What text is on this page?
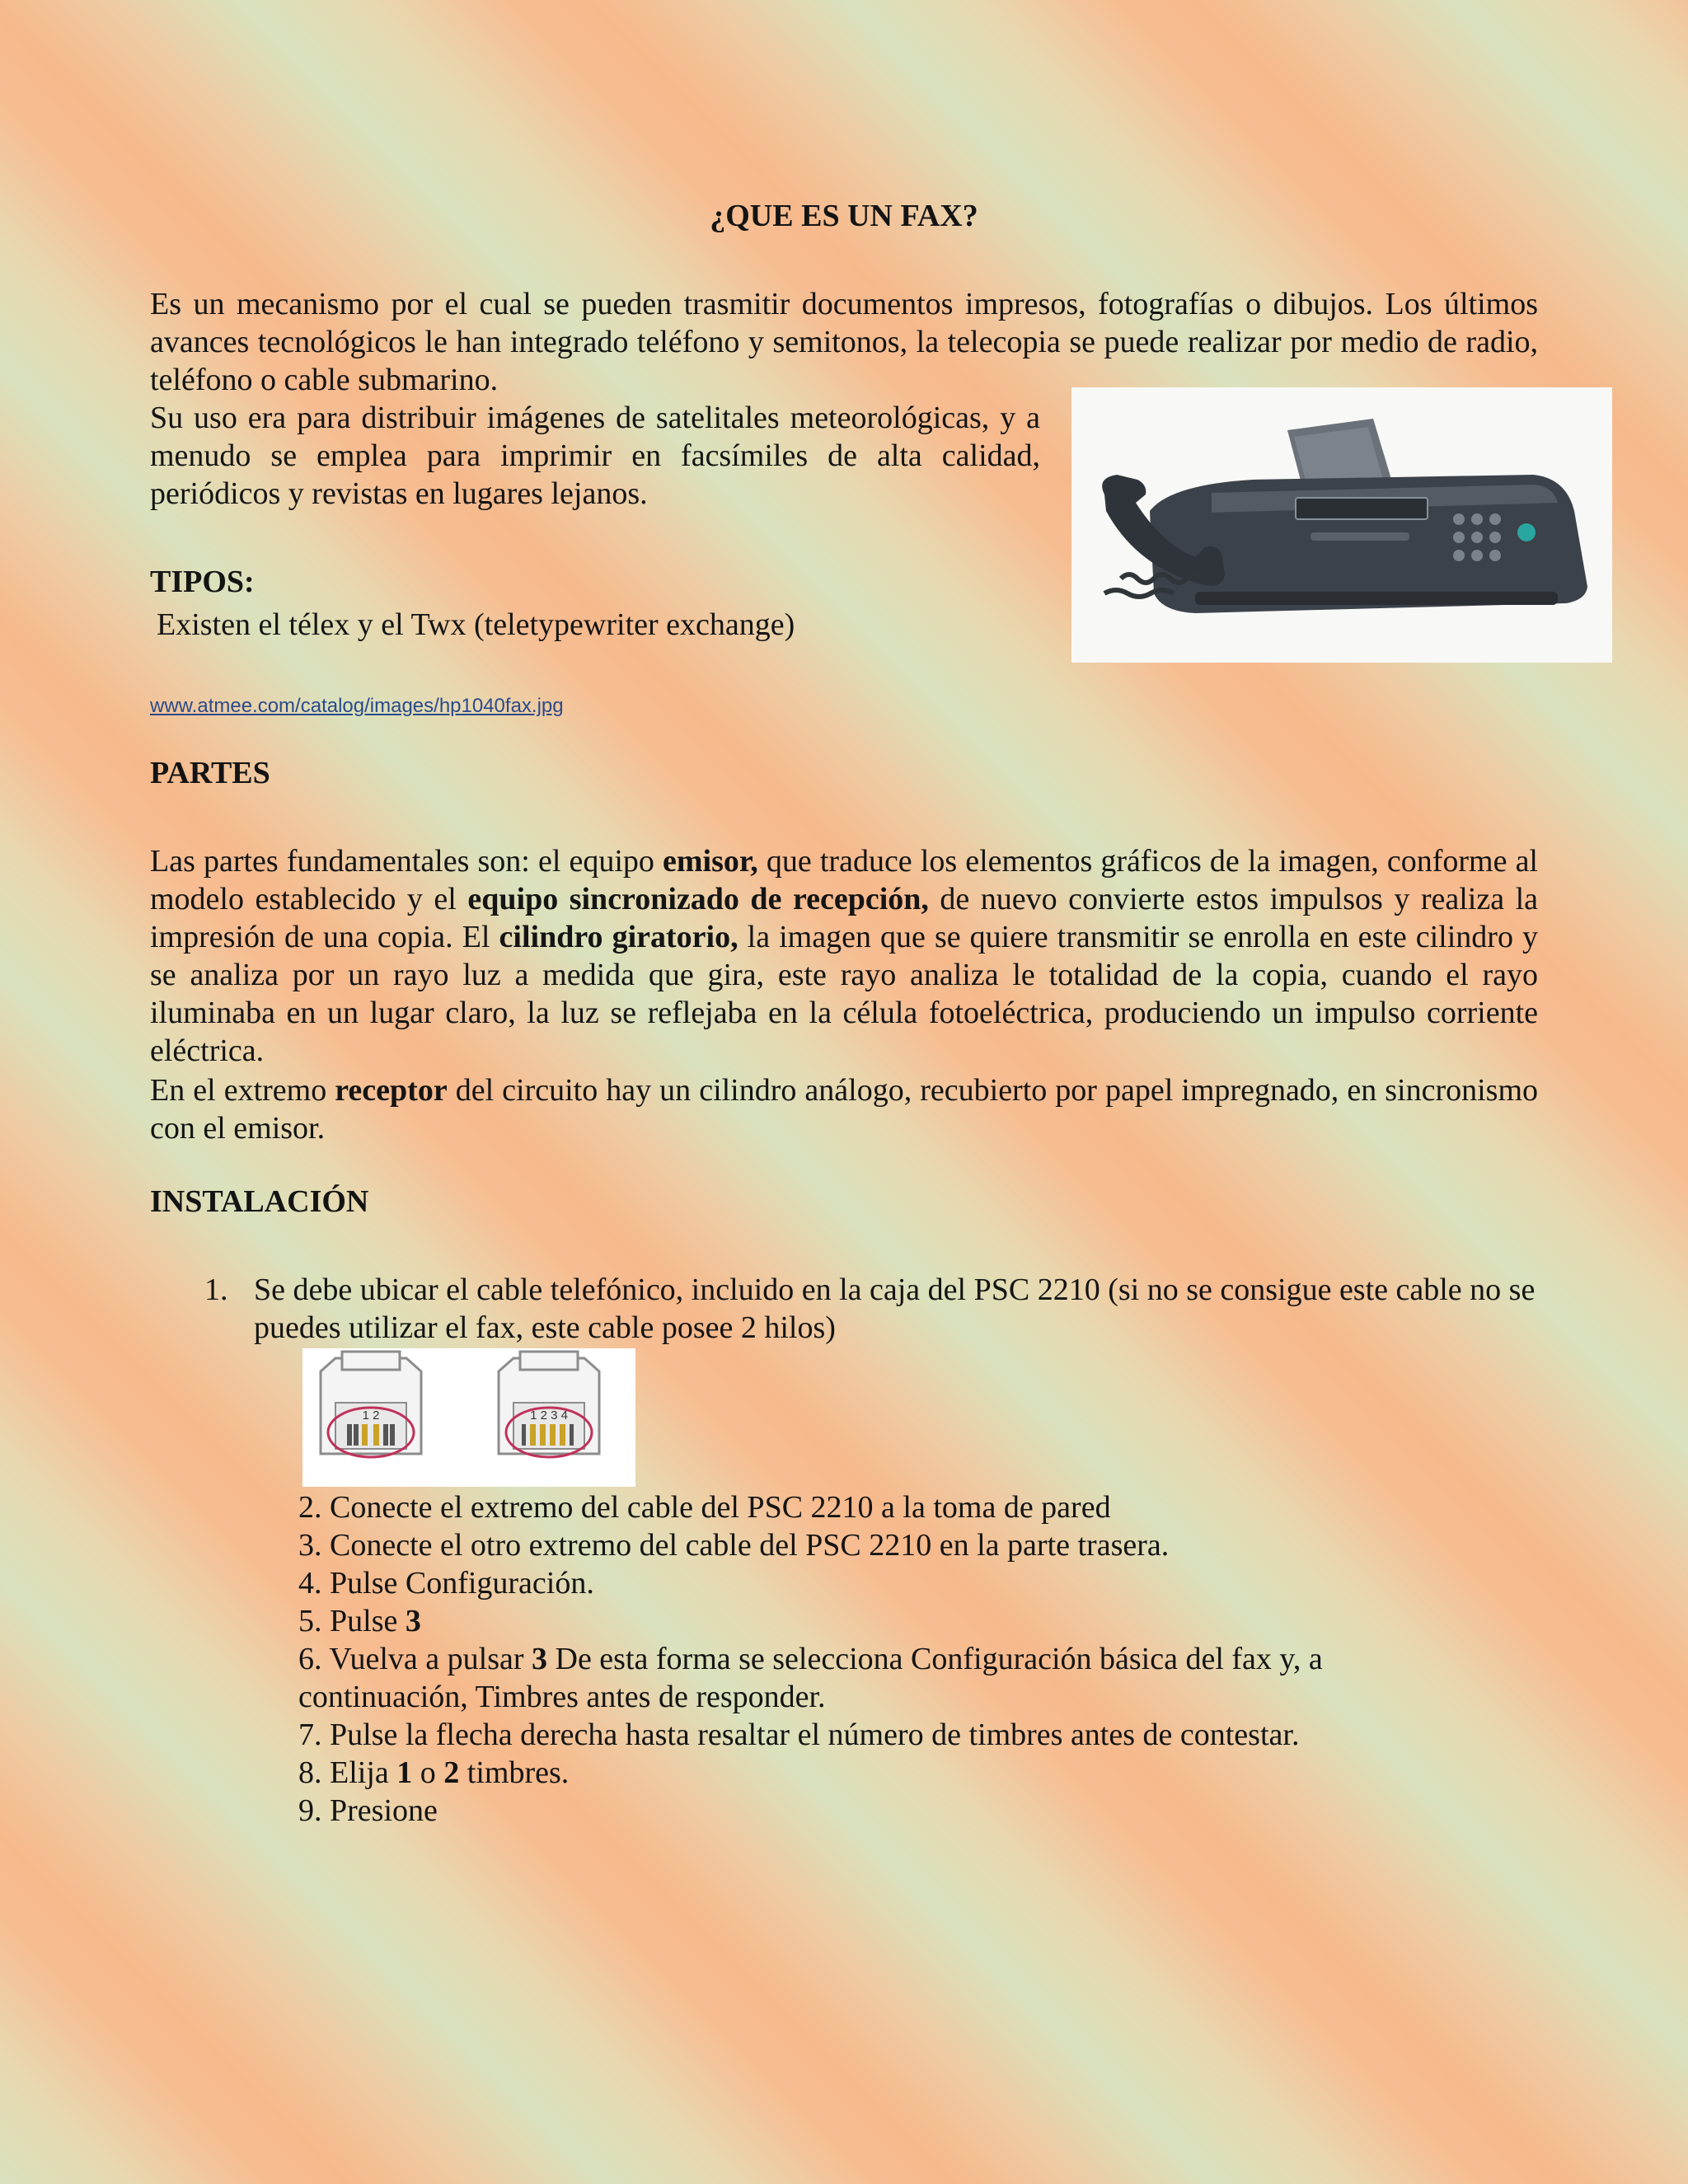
¿QUE ES UN FAX?

Es un mecanismo por el cual se pueden trasmitir documentos impresos, fotografías o dibujos. Los últimos avances tecnológicos le han integrado teléfono y semitonos, la telecopia se puede realizar por medio de radio, teléfono o cable submarino.

Su uso era para distribuir imágenes de satelitales meteorológicas, y a menudo se emplea para imprimir en facsímiles de alta calidad, periódicos y revistas en lugares lejanos.

TIPOS:
Existen el télex y el Twx (teletypewriter exchange)
www.atmee.com/catalog/images/hp1040fax.jpg
PARTES

Las partes fundamentales son: el equipo emisor, que traduce los elementos gráficos de la imagen, conforme al modelo establecido y el equipo sincronizado de recepción, de nuevo convierte estos impulsos y realiza la impresión de una copia. El cilindro giratorio, la imagen que se quiere transmitir se enrolla en este cilindro y se analiza por un rayo luz a medida que gira, este rayo analiza le totalidad de la copia, cuando el rayo iluminaba en un lugar claro, la luz se reflejaba en la célula fotoeléctrica, produciendo un impulso corriente eléctrica.

En el extremo receptor del circuito hay un cilindro análogo, recubierto por papel impregnado, en sincronismo con el emisor.

INSTALACIÓN
1. Se debe ubicar el cable telefónico, incluido en la caja del PSC 2210 (si no se consigue este cable no se puedes utilizar el fax, este cable posee 2 hilos)
1 2	1 2 3 4
2. Conecte el extremo del cable del PSC 2210 a la toma de pared
3. Conecte el otro extremo del cable del PSC 2210 en la parte trasera.
4. Pulse Configuración.
5. Pulse 3
6. Vuelva a pulsar 3 De esta forma se selecciona Configuración básica del fax y, a continuación, Timbres antes de responder.
7. Pulse la flecha derecha hasta resaltar el número de timbres antes de contestar.
8. Elija 1 o 2 timbres.
9. Presione
